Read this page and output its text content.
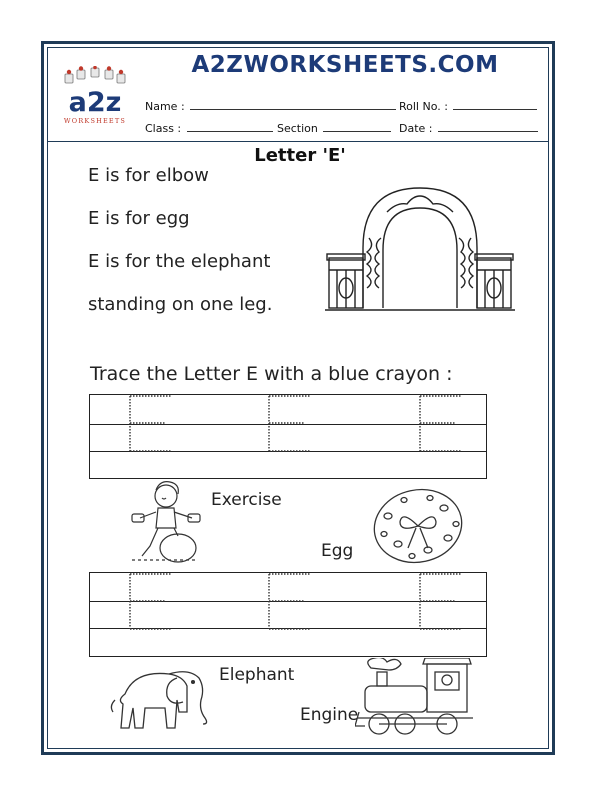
A2ZWORKSHEETS.COM
a2z
WORKSHEETS
Name :	Roll No. :
Class :	Section	Date :
Letter 'E'
E is for elbow
E is for egg
E is for the elephant
standing on one leg.

Trace the Letter E with a blue crayon :

Exercise
Egg
Elephant
Engine
